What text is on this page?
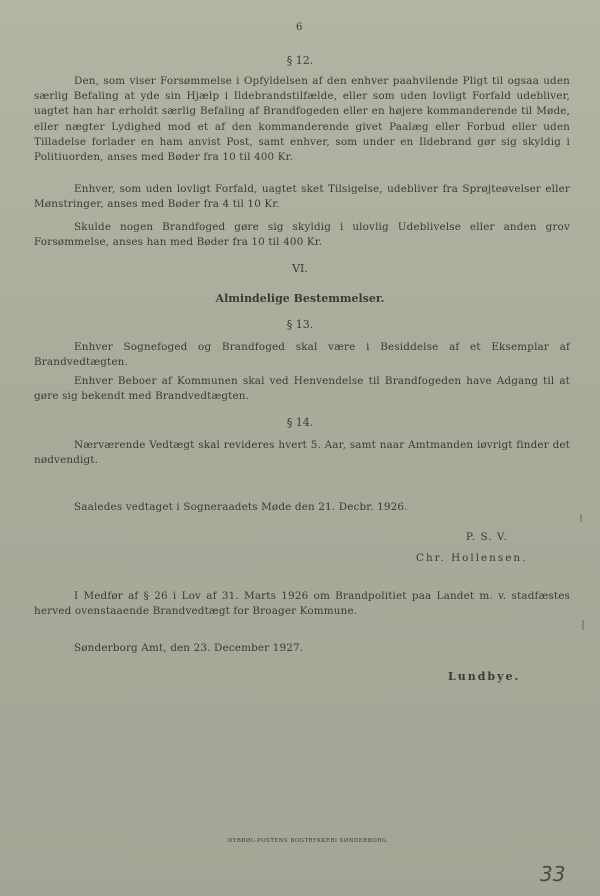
6
§ 12.

Den, som viser Forsømmelse i Opfyldelsen af den enhver paahvilende Pligt til ogsaa uden særlig Befaling at yde sin Hjælp i Ildebrandstilfælde, eller som uden lovligt Forfald udebliver, uagtet han har erholdt særlig Befaling af Brandfogeden eller en højere kommanderende til Møde, eller nægter Lydighed mod et af den kommanderende givet Paalæg eller Forbud eller uden Tilladelse forlader en ham anvist Post, samt enhver, som under en Ildebrand gør sig skyldig i Politiuorden, anses med Bøder fra 10 til 400 Kr.

Enhver, som uden lovligt Forfald, uagtet sket Tilsigelse, udebliver fra Sprøjteøvelser eller Mønstringer, anses med Bøder fra 4 til 10 Kr.

Skulde nogen Brandfoged gøre sig skyldig i ulovlig Udeblivelse eller anden grov Forsømmelse, anses han med Bøder fra 10 til 400 Kr.

VI.
Almindelige Bestemmelser.
§ 13.

Enhver Sognefoged og Brandfoged skal være i Besiddelse af et Eksemplar af Brandvedtægten.

Enhver Beboer af Kommunen skal ved Henvendelse til Brandfogeden have Adgang til at gøre sig bekendt med Brandvedtægten.

§ 14.

Nærværende Vedtægt skal revideres hvert 5. Aar, samt naar Amtmanden iøvrigt finder det nødvendigt.

Saaledes vedtaget i Sogneraadets Møde den 21. Decbr. 1926.

P. S. V.
Chr. Hollensen.

I Medfør af § 26 i Lov af 31. Marts 1926 om Brandpolitiet paa Landet m. v. stadfæstes herved ovenstaaende Brandvedtægt for Broager Kommune.

Sønderborg Amt, den 23. December 1927.

Lundbye.
DYBBØL-POSTENS BOGTRYKKERI SØNDERBORG.
33
